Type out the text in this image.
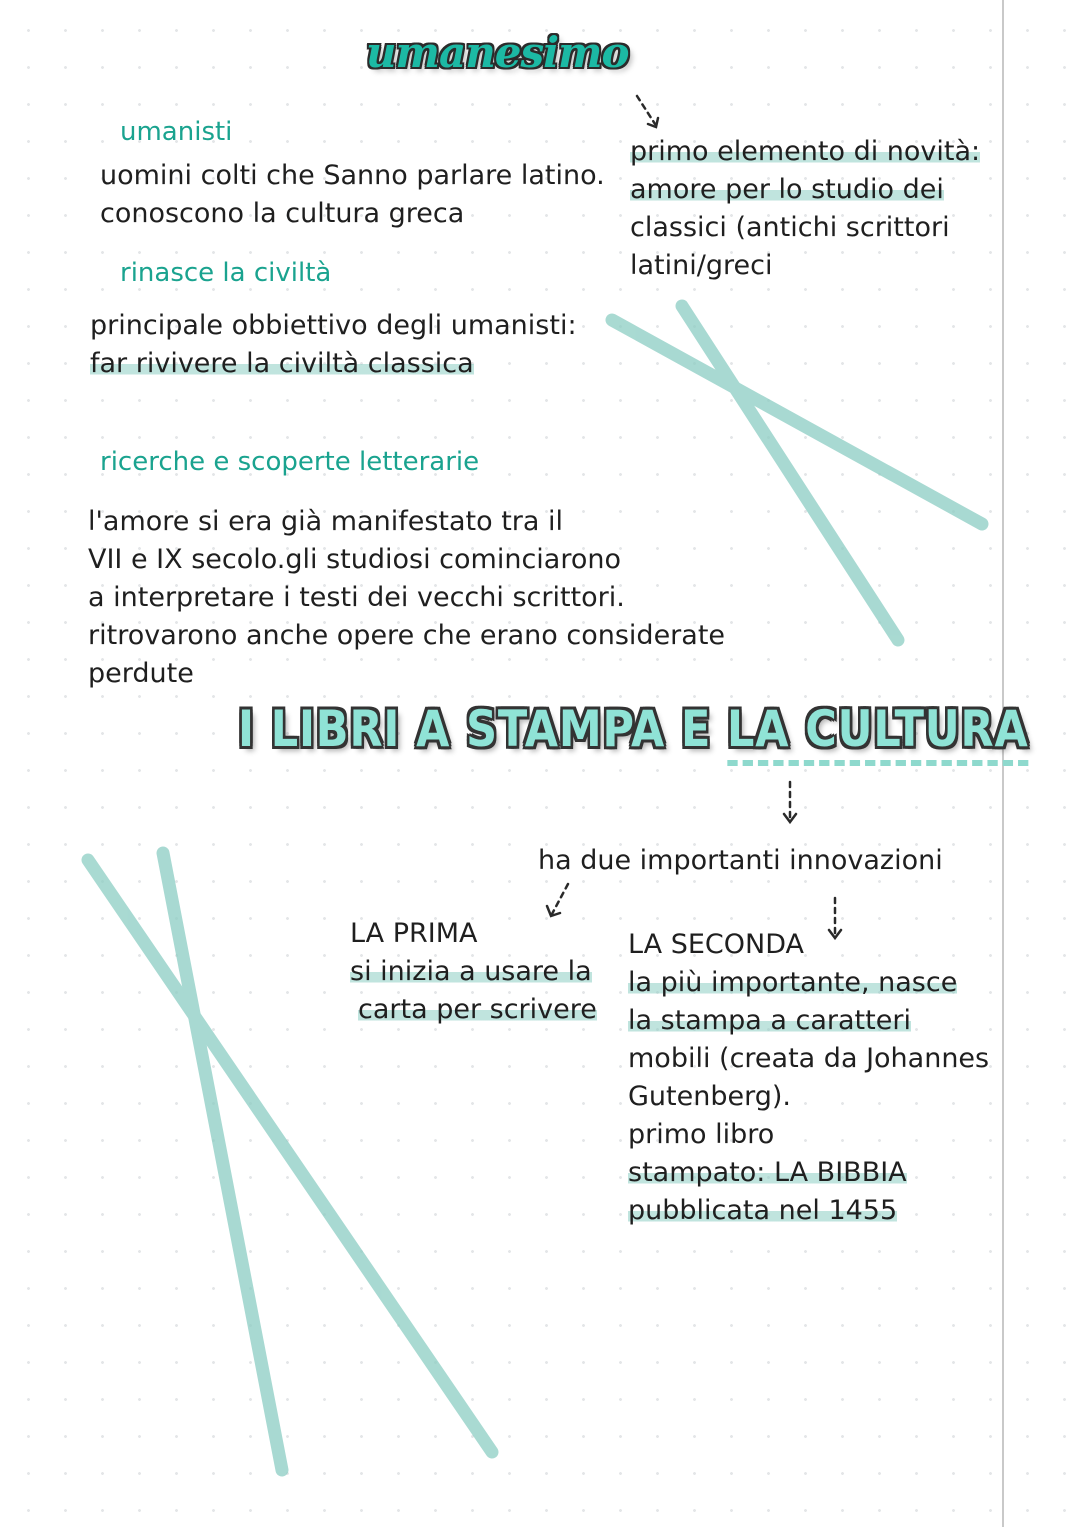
umanesimo
umanisti
uomini colti che Sanno parlare latino.
conoscono la cultura greca
rinasce la civiltà
principale obbiettivo degli umanisti:
far rivivere la civiltà classica
primo elemento di novità:
amore per lo studio dei
classici (antichi scrittori
latini/greci
ricerche e scoperte letterarie
l'amore si era già manifestato tra il
VII e IX secolo.gli studiosi cominciarono
a interpretare i testi dei vecchi scrittori.
ritrovarono anche opere che erano considerate
perdute
I LIBRI A STAMPA E LA CULTURA
ha due importanti innovazioni
LA PRIMA
si inizia a usare la
carta per scrivere
LA SECONDA
la più importante, nasce
la stampa a caratteri
mobili (creata da Johannes
Gutenberg).
primo libro
stampato: LA BIBBIA
pubblicata nel 1455
